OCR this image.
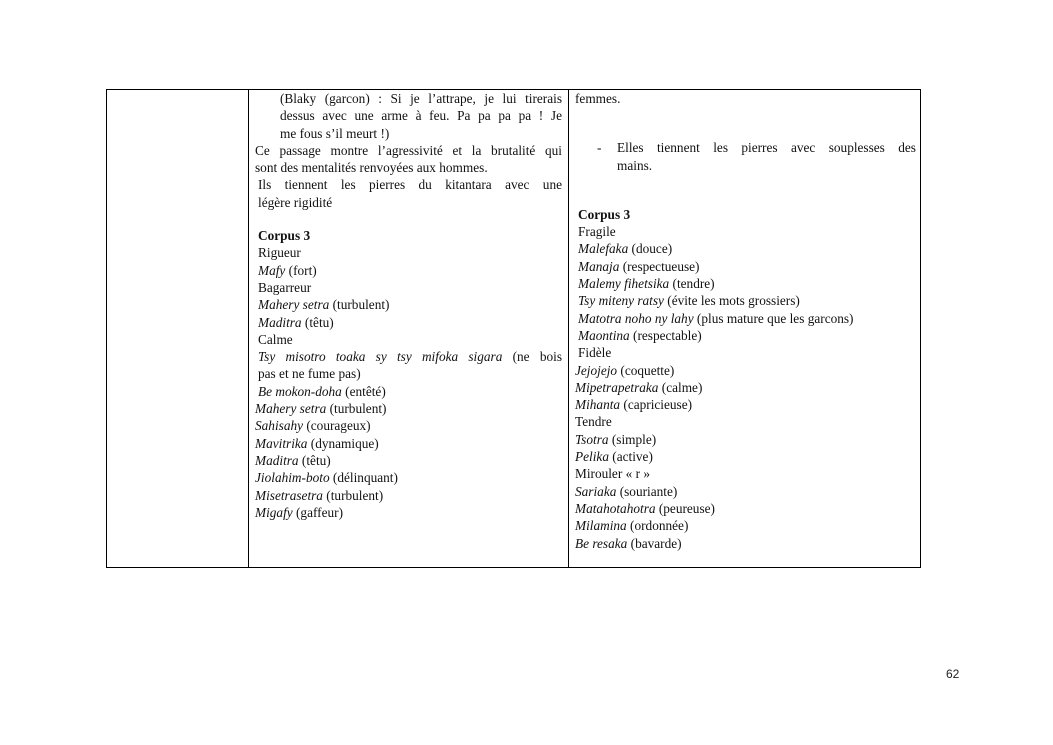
(Blaky (garcon) : Si je l’attrape, je lui tirerais
dessus avec une arme à feu. Pa pa pa pa ! Je
me fous s’il meurt !)
Ce passage montre l’agressivité et la brutalité qui
sont des mentalités renvoyées aux hommes.
Ils tiennent les pierres du kitantara avec une
légère rigidité
Corpus 3
Rigueur
Mafy (fort)
Bagarreur
Mahery setra (turbulent)
Maditra (têtu)
Calme
Tsy misotro toaka sy tsy mifoka sigara (ne bois
pas et ne fume pas)
Be mokon-doha (entêté)
Mahery setra (turbulent)
Sahisahy (courageux)
Mavitrika (dynamique)
Maditra (têtu)
Jiolahim-boto (délinquant)
Misetrasetra (turbulent)
Migafy (gaffeur)
femmes.
-	Elles tiennent les pierres avec souplesses des
mains.
Corpus 3
Fragile
Malefaka (douce)
Manaja (respectueuse)
Malemy fihetsika (tendre)
Tsy miteny ratsy (évite les mots grossiers)
Matotra noho ny lahy (plus mature que les garcons)
Maontina (respectable)
Fidèle
Jejojejo (coquette)
Mipetrapetraka (calme)
Mihanta (capricieuse)
Tendre
Tsotra (simple)
Pelika (active)
Mirouler « r »
Sariaka (souriante)
Matahotahotra (peureuse)
Milamina (ordonnée)
Be resaka (bavarde)
62
